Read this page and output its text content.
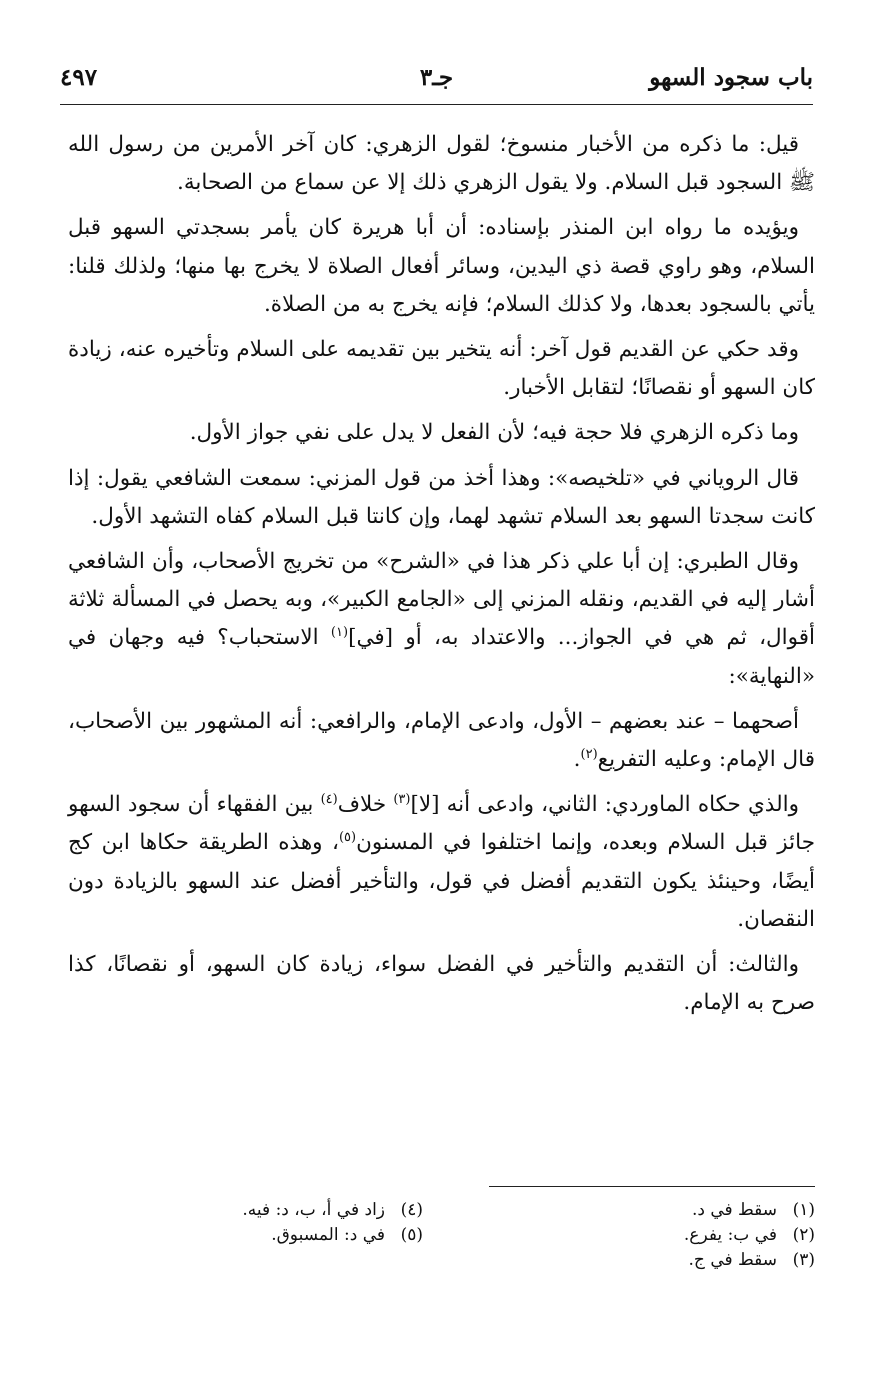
باب سجود السهو
جـ٣
٤٩٧

قيل: ما ذكره من الأخبار منسوخ؛ لقول الزهري: كان آخر الأمرين من رسول الله ﷺ السجود قبل السلام. ولا يقول الزهري ذلك إلا عن سماع من الصحابة.

ويؤيده ما رواه ابن المنذر بإسناده: أن أبا هريرة كان يأمر بسجدتي السهو قبل السلام، وهو راوي قصة ذي اليدين، وسائر أفعال الصلاة لا يخرج بها منها؛ ولذلك قلنا: يأتي بالسجود بعدها، ولا كذلك السلام؛ فإنه يخرج به من الصلاة.

وقد حكي عن القديم قول آخر: أنه يتخير بين تقديمه على السلام وتأخيره عنه، زيادة كان السهو أو نقصانًا؛ لتقابل الأخبار.

وما ذكره الزهري فلا حجة فيه؛ لأن الفعل لا يدل على نفي جواز الأول.

قال الروياني في «تلخيصه»: وهذا أخذ من قول المزني: سمعت الشافعي يقول: إذا كانت سجدتا السهو بعد السلام تشهد لهما، وإن كانتا قبل السلام كفاه التشهد الأول.

وقال الطبري: إن أبا علي ذكر هذا في «الشرح» من تخريج الأصحاب، وأن الشافعي أشار إليه في القديم، ونقله المزني إلى «الجامع الكبير»، وبه يحصل في المسألة ثلاثة أقوال، ثم هي في الجواز... والاعتداد به، أو [في]$^{(١)}$ الاستحباب؟ فيه وجهان في «النهاية»:

أصحهما – عند بعضهم – الأول، وادعى الإمام، والرافعي: أنه المشهور بين الأصحاب، قال الإمام: وعليه التفريع$^{(٢)}$.

والذي حكاه الماوردي: الثاني، وادعى أنه [لا]$^{(٣)}$ خلاف$^{(٤)}$ بين الفقهاء أن سجود السهو جائز قبل السلام وبعده، وإنما اختلفوا في المسنون$^{(٥)}$، وهذه الطريقة حكاها ابن كج أيضًا، وحينئذ يكون التقديم أفضل في قول، والتأخير أفضل عند السهو بالزيادة دون النقصان.

والثالث: أن التقديم والتأخير في الفضل سواء، زيادة كان السهو، أو نقصانًا، كذا صرح به الإمام.

(١)سقط في د.
(٢)في ب: يفرع.
(٣)سقط في ج.
(٤)زاد في أ، ب، د: فيه.
(٥)في د: المسبوق.
